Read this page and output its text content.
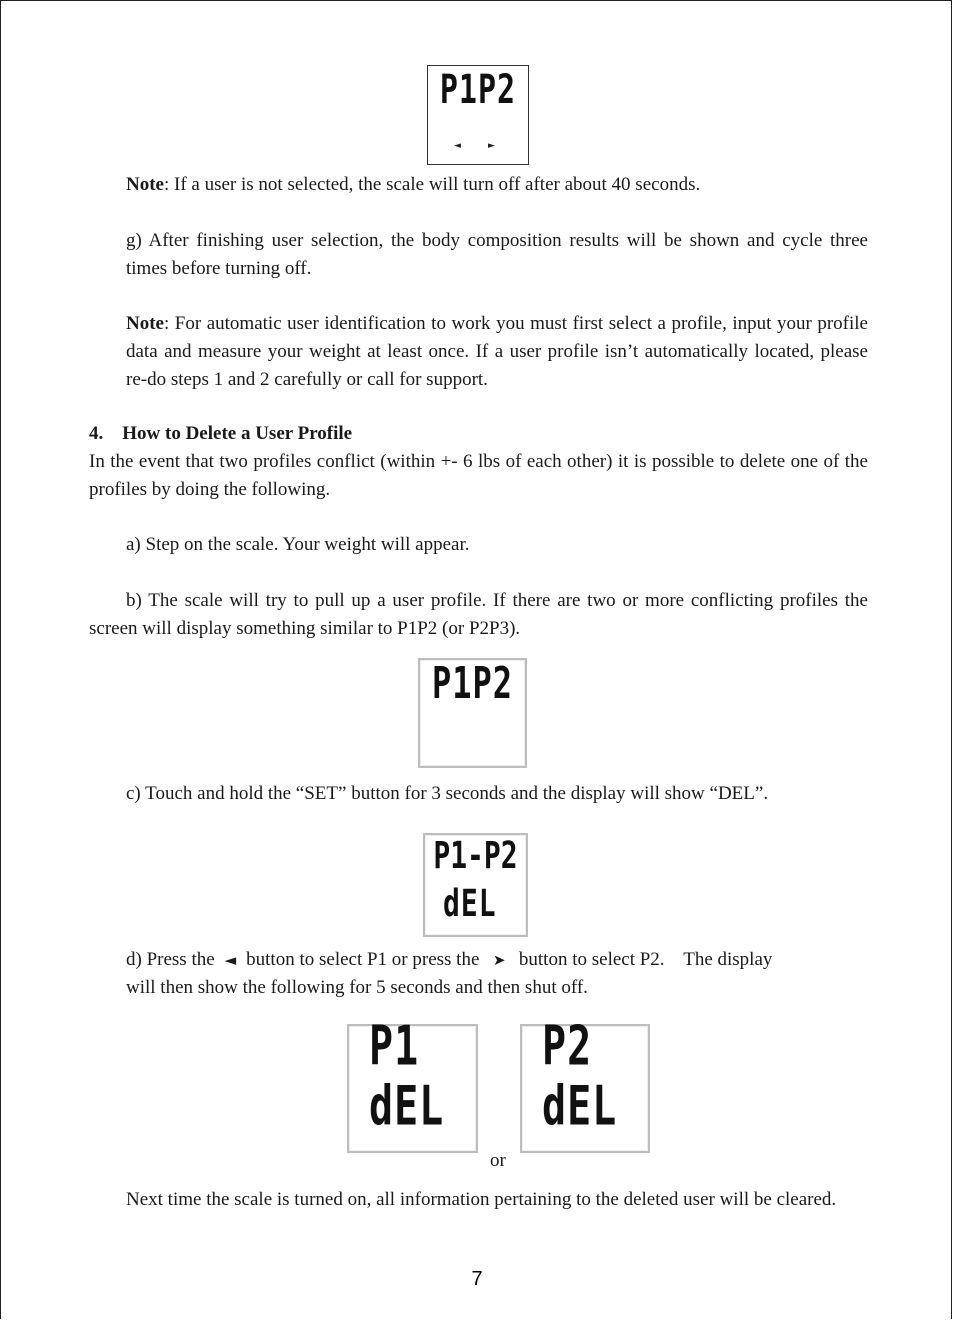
P1P2
◄	►

Note: If a user is not selected, the scale will turn off after about 40 seconds.

g) After finishing user selection, the body composition results will be shown and cycle three times before turning off.

Note: For automatic user identification to work you must first select a profile, input your profile data and measure your weight at least once. If a user profile isn’t automatically located, please re-do steps 1 and 2 carefully or call for support.

4.    How to Delete a User Profile

In the event that two profiles conflict (within +- 6 lbs of each other) it is possible to delete one of the profiles by doing the following.

a) Step on the scale. Your weight will appear.

b) The scale will try to pull up a user profile. If there are two or more conflicting profiles the screen will display something similar to P1P2 (or P2P3).

P1P2

c) Touch and hold the “SET” button for 3 seconds and the display will show “DEL”.

P1-P2
dEL

d) Press the ◄ button to select P1 or press the ➤ button to select P2.    The display

will then show the following for 5 seconds and then shut off.

P1
dEL
P2
dEL

or

Next time the scale is turned on, all information pertaining to the deleted user will be cleared.

7
